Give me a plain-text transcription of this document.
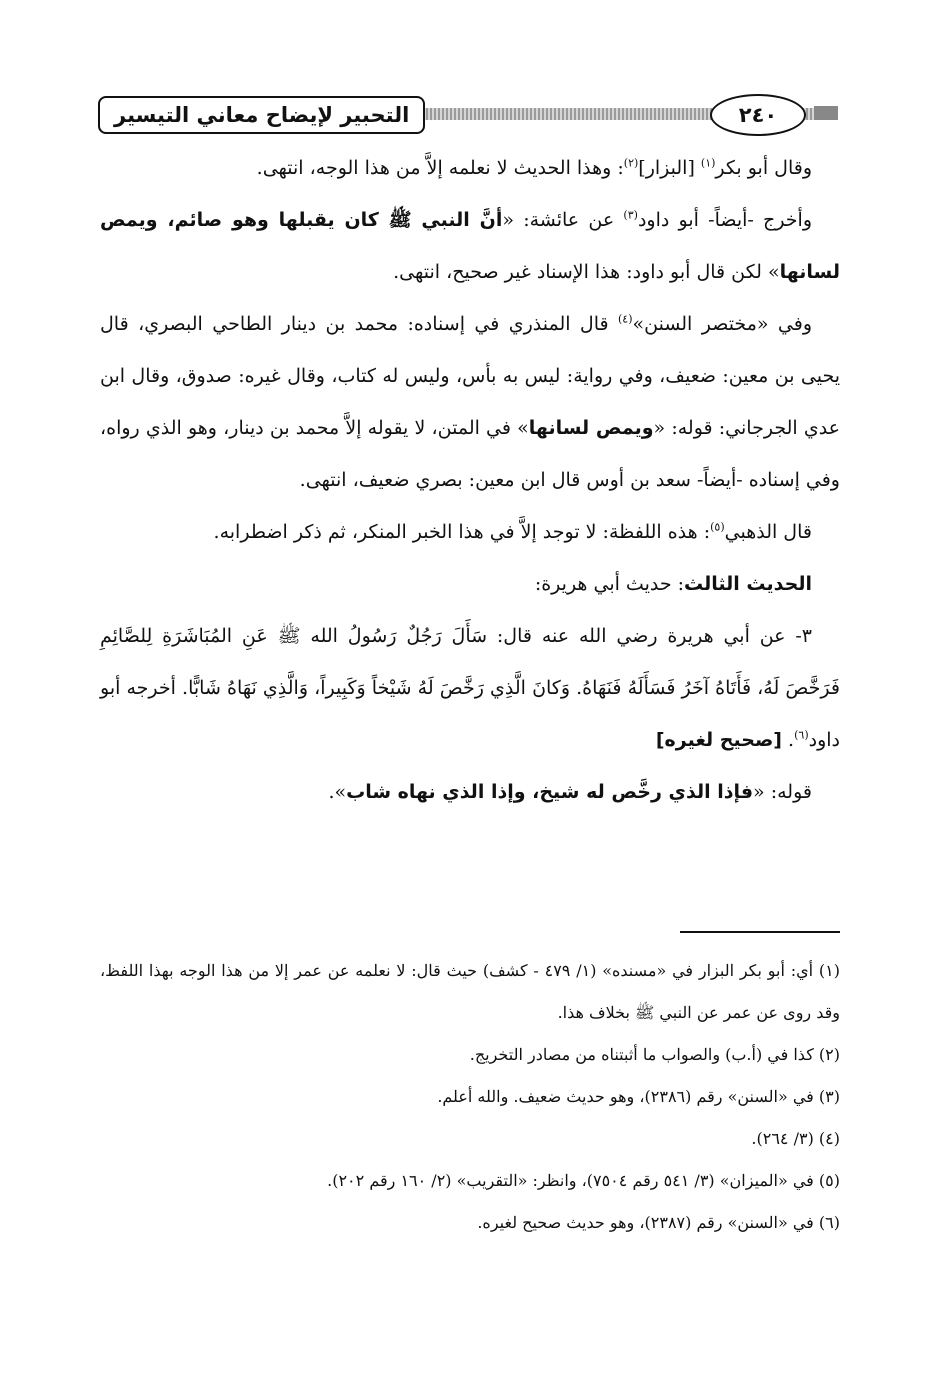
٢٤٠
التحبير لإيضاح معاني التيسير

وقال أبو بكر$^{(١)}$ [البزار]$^{(٢)}$: وهذا الحديث لا نعلمه إلاَّ من هذا الوجه، انتهى.

وأخرج -أيضاً- أبو داود$^{(٣)}$ عن عائشة: «أنَّ النبي ﷺ كان يقبلها وهو صائم، ويمص لسانها» لكن قال أبو داود: هذا الإسناد غير صحيح، انتهى.

وفي «مختصر السنن»$^{(٤)}$ قال المنذري في إسناده: محمد بن دينار الطاحي البصري، قال يحيى بن معين: ضعيف، وفي رواية: ليس به بأس، وليس له كتاب، وقال غيره: صدوق، وقال ابن عدي الجرجاني: قوله: «ويمص لسانها» في المتن، لا يقوله إلاَّ محمد بن دينار، وهو الذي رواه، وفي إسناده -أيضاً- سعد بن أوس قال ابن معين: بصري ضعيف، انتهى.

قال الذهبي$^{(٥)}$: هذه اللفظة: لا توجد إلاَّ في هذا الخبر المنكر، ثم ذكر اضطرابه.

الحديث الثالث: حديث أبي هريرة:

٣- عن أبي هريرة رضي الله عنه قال: سَأَلَ رَجُلٌ رَسُولُ الله ﷺ عَنِ المُبَاشَرَةِ لِلصَّائِمِ فَرَخَّصَ لَهُ، فَأَتَاهُ آخَرُ فَسَأَلَهُ فَنَهَاهُ. وَكانَ الَّذِي رَخَّصَ لَهُ شَيْخاً وَكَبِيراً، وَالَّذِي نَهَاهُ شَابًّا. أخرجه أبو داود$^{(٦)}$. [صحيح لغيره]

قوله: «فإذا الذي رخَّص له شيخ، وإذا الذي نهاه شاب».

(١) أي: أبو بكر البزار في «مسنده» (١/ ٤٧٩ - كشف) حيث قال: لا نعلمه عن عمر إلا من هذا الوجه بهذا اللفظ، وقد روى عن عمر عن النبي ﷺ بخلاف هذا.

(٢) كذا في (أ.ب) والصواب ما أثبتناه من مصادر التخريج.

(٣) في «السنن» رقم (٢٣٨٦)، وهو حديث ضعيف. والله أعلم.

(٤) (٣/ ٢٦٤).

(٥) في «الميزان» (٣/ ٥٤١ رقم ٧٥٠٤)، وانظر: «التقريب» (٢/ ١٦٠ رقم ٢٠٢).

(٦) في «السنن» رقم (٢٣٨٧)، وهو حديث صحيح لغيره.
